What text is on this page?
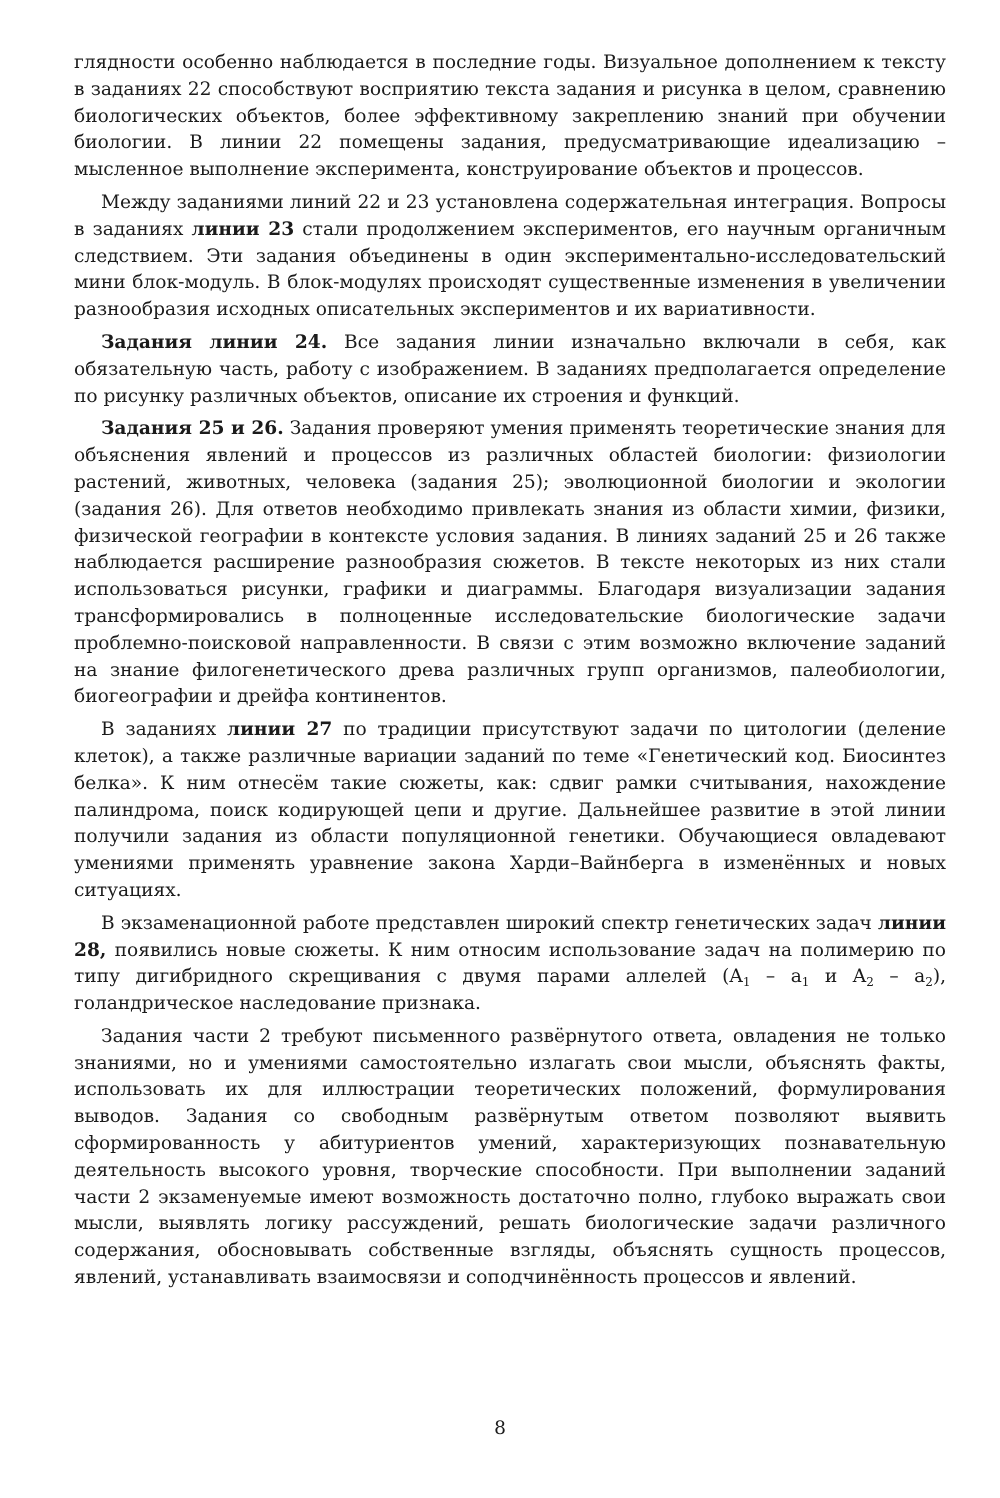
глядности особенно наблюдается в последние годы. Визуальное дополнением к тексту в заданиях 22 способствуют восприятию текста задания и рисунка в целом, сравнению биологических объектов, более эффективному закреплению знаний при обучении биологии. В линии 22 помещены задания, предусматривающие идеализацию – мысленное выполнение эксперимента, конструирование объектов и процессов.

Между заданиями линий 22 и 23 установлена содержательная интеграция. Вопросы в заданиях линии 23 стали продолжением экспериментов, его научным органичным следствием. Эти задания объединены в один экспериментально-исследовательский мини блок-модуль. В блок-модулях происходят существенные изменения в увеличении разнообразия исходных описательных экспериментов и их вариативности.

Задания линии 24. Все задания линии изначально включали в себя, как обязательную часть, работу с изображением. В заданиях предполагается определение по рисунку различных объектов, описание их строения и функций.

Задания 25 и 26. Задания проверяют умения применять теоретические знания для объяснения явлений и процессов из различных областей биологии: физиологии растений, животных, человека (задания 25); эволюционной биологии и экологии (задания 26). Для ответов необходимо привлекать знания из области химии, физики, физической географии в контексте условия задания. В линиях заданий 25 и 26 также наблюдается расширение разнообразия сюжетов. В тексте некоторых из них стали использоваться рисунки, графики и диаграммы. Благодаря визуализации задания трансформировались в полноценные исследовательские биологические задачи проблемно-поисковой направленности. В связи с этим возможно включение заданий на знание филогенетического древа различных групп организмов, палеобиологии, биогеографии и дрейфа континентов.

В заданиях линии 27 по традиции присутствуют задачи по цитологии (деление клеток), а также различные вариации заданий по теме «Генетический код. Биосинтез белка». К ним отнесём такие сюжеты, как: сдвиг рамки считывания, нахождение палиндрома, поиск кодирующей цепи и другие. Дальнейшее развитие в этой линии получили задания из области популяционной генетики. Обучающиеся овладевают умениями применять уравнение закона Харди–Вайнберга в изменённых и новых ситуациях.

В экзаменационной работе представлен широкий спектр генетических задач линии 28, появились новые сюжеты. К ним относим использование задач на полимерию по типу дигибридного скрещивания с двумя парами аллелей ($A_1 - a_1$ и $A_2 - a_2$), голандрическое наследование признака.

Задания части 2 требуют письменного развёрнутого ответа, овладения не только знаниями, но и умениями самостоятельно излагать свои мысли, объяснять факты, использовать их для иллюстрации теоретических положений, формулирования выводов. Задания со свободным развёрнутым ответом позволяют выявить сформированность у абитуриентов умений, характеризующих познавательную деятельность высокого уровня, творческие способности. При выполнении заданий части 2 экзаменуемые имеют возможность достаточно полно, глубоко выражать свои мысли, выявлять логику рассуждений, решать биологические задачи различного содержания, обосновывать собственные взгляды, объяснять сущность процессов, явлений, устанавливать взаимосвязи и соподчинённость процессов и явлений.

8
